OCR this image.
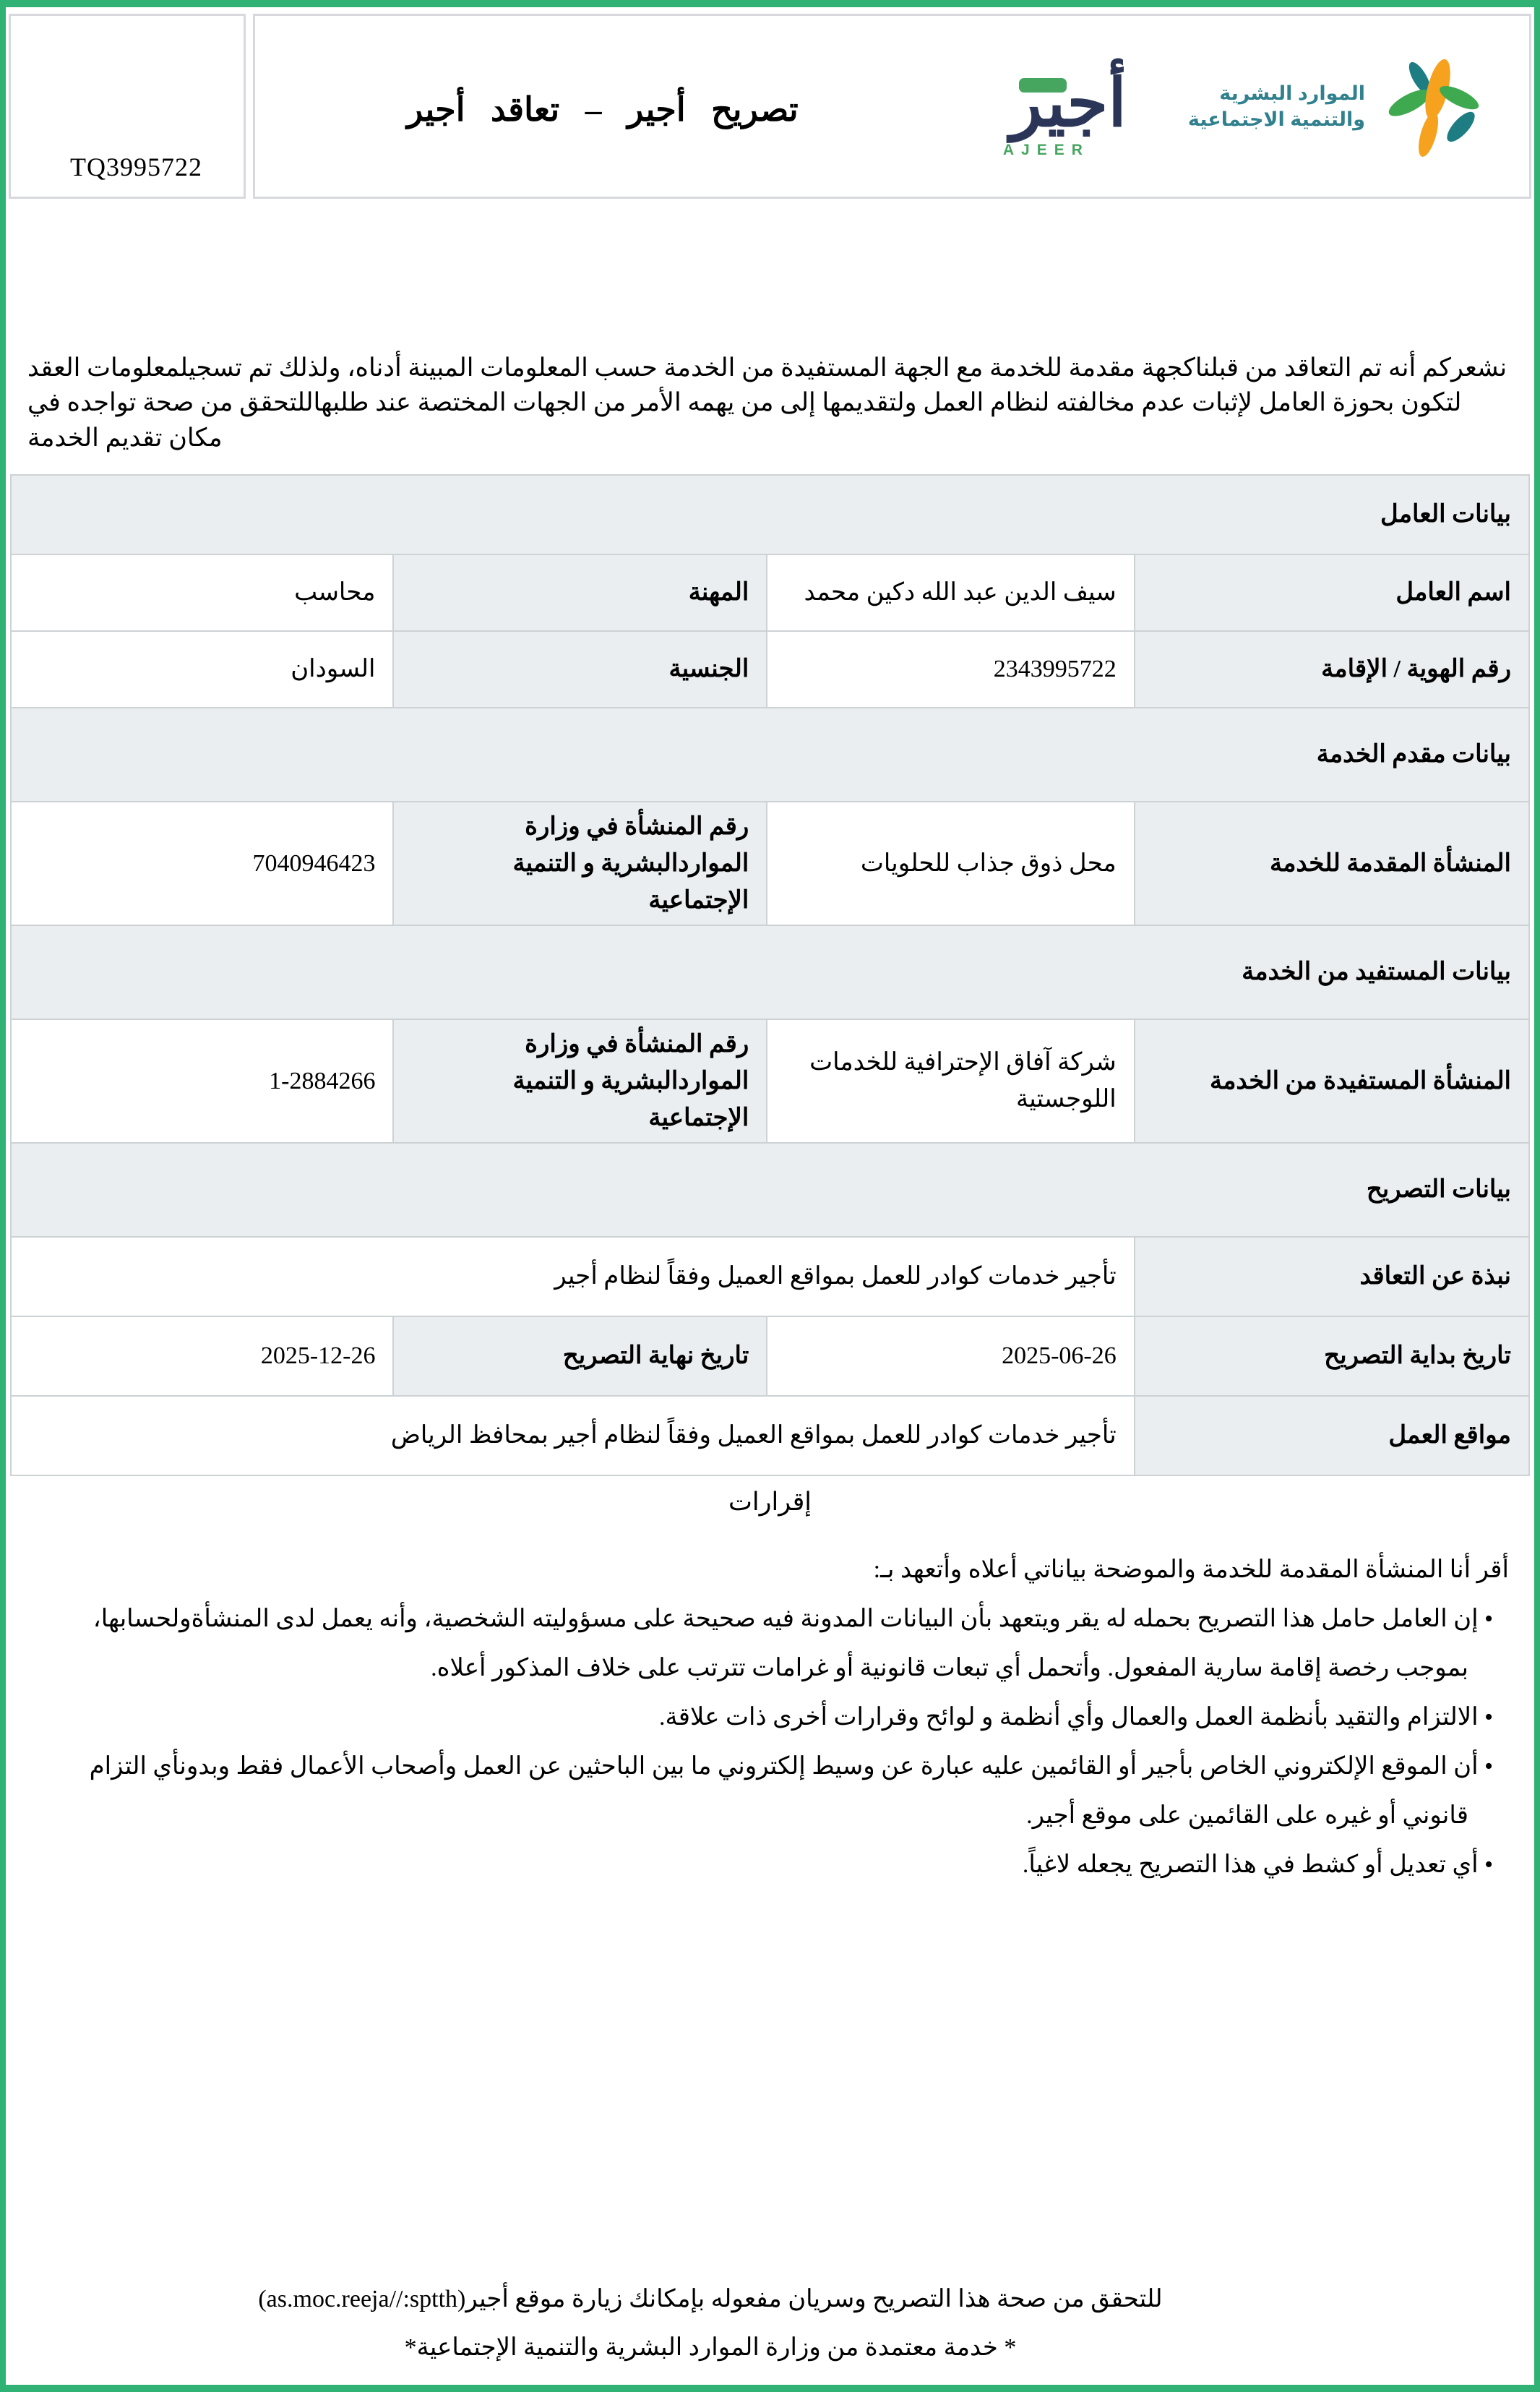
TQ3995722
تصريح أجير – تعاقد أجير	أجير
AJEER
الموارد البشرية
والتنمية الاجتماعية

نشعركم أنه تم التعاقد من قبلناكجهة مقدمة للخدمة مع الجهة المستفيدة من الخدمة حسب المعلومات المبينة أدناه، ولذلك تم تسجيلمعلومات العقد لتكون بحوزة العامل لإثبات عدم مخالفته لنظام العمل ولتقديمها إلى من يهمه الأمر من الجهات المختصة عند طلبهاللتحقق من صحة تواجده في مكان تقديم الخدمة

بيانات العامل			
اسم العامل	سيف الدين عبد الله دكين محمد	المهنة	محاسب
رقم الهوية / الإقامة	2343995722	الجنسية	السودان
بيانات مقدم الخدمة			
المنشأة المقدمة للخدمة	محل ذوق جذاب للحلويات	رقم المنشأة في وزارة المواردالبشرية و التنمية الإجتماعية	7040946423
بيانات المستفيد من الخدمة			
المنشأة المستفيدة من الخدمة	شركة آفاق الإحترافية للخدمات اللوجستية	رقم المنشأة في وزارة المواردالبشرية و التنمية الإجتماعية	1-2884266
بيانات التصريح			
نبذة عن التعاقد	تأجير خدمات كوادر للعمل بمواقع العميل وفقاً لنظام أجير		
تاريخ بداية التصريح	2025-06-26	تاريخ نهاية التصريح	2025-12-26
مواقع العمل	تأجير خدمات كوادر للعمل بمواقع العميل وفقاً لنظام أجير بمحافظ الرياض		
إقرارات

أقر أنا المنشأة المقدمة للخدمة والموضحة بياناتي أعلاه وأتعهد بـ:

• إن العامل حامل هذا التصريح بحمله له يقر ويتعهد بأن البيانات المدونة فيه صحيحة على مسؤوليته الشخصية، وأنه يعمل لدى المنشأةولحسابها، بموجب رخصة إقامة سارية المفعول. وأتحمل أي تبعات قانونية أو غرامات تترتب على خلاف المذكور أعلاه.
• الالتزام والتقيد بأنظمة العمل والعمال وأي أنظمة و لوائح وقرارات أخرى ذات علاقة.
• أن الموقع الإلكتروني الخاص بأجير أو القائمين عليه عبارة عن وسيط إلكتروني ما بين الباحثين عن العمل وأصحاب الأعمال فقط وبدونأي التزام قانوني أو غيره على القائمين على موقع أجير.
• أي تعديل أو كشط في هذا التصريح يجعله لاغياً.
للتحقق من صحة هذا التصريح وسريان مفعوله بإمكانك زيارة موقع أجير(as.moc.reeja//:sptth)
* خدمة معتمدة من وزارة الموارد البشرية والتنمية الإجتماعية*
